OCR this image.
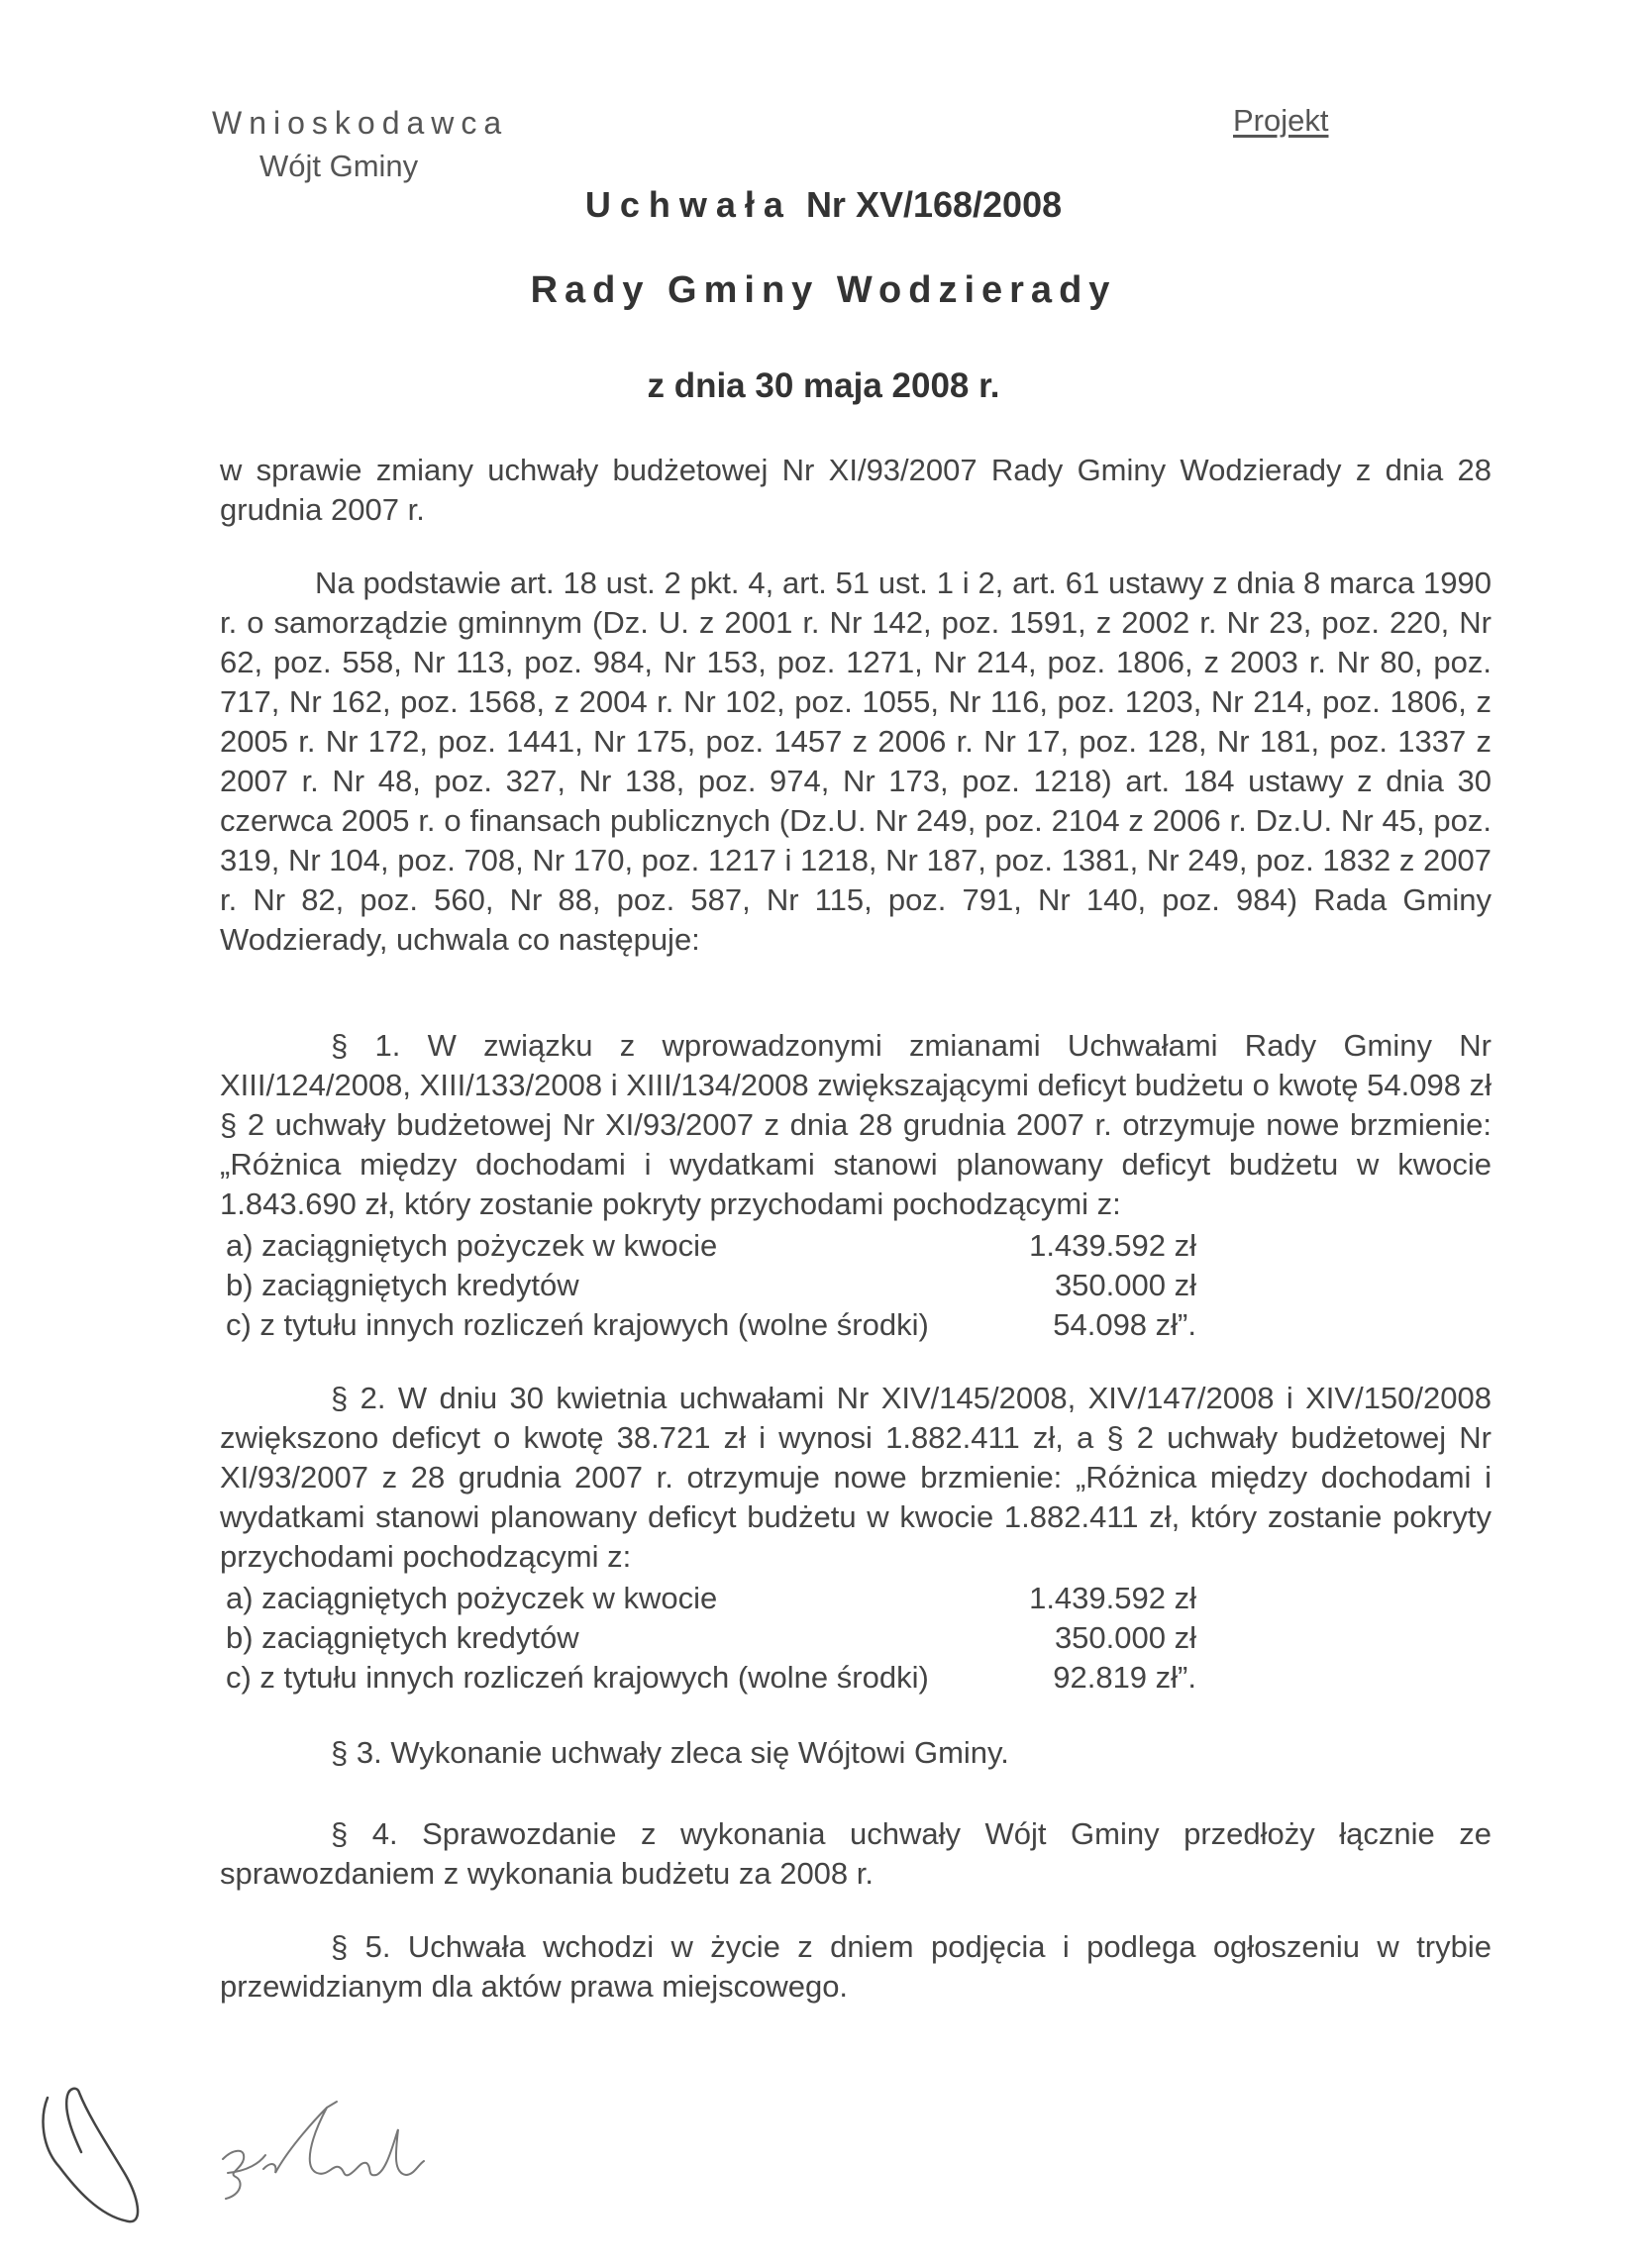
Wnioskodawca
Wójt Gminy
Projekt
Uchwała Nr XV/168/2008
Rady Gminy Wodzierady
z dnia 30 maja 2008 r.
w sprawie zmiany uchwały budżetowej Nr XI/93/2007 Rady Gminy Wodzierady z dnia 28 grudnia 2007 r.
Na podstawie art. 18 ust. 2 pkt. 4, art. 51 ust. 1 i 2, art. 61 ustawy z dnia 8 marca 1990 r. o samorządzie gminnym (Dz. U. z 2001 r. Nr 142, poz. 1591, z 2002 r. Nr 23, poz. 220, Nr 62, poz. 558, Nr 113, poz. 984, Nr 153, poz. 1271, Nr 214, poz. 1806, z 2003 r. Nr 80, poz. 717, Nr 162, poz. 1568, z 2004 r. Nr 102, poz. 1055, Nr 116, poz. 1203, Nr 214, poz. 1806, z 2005 r. Nr 172, poz. 1441, Nr 175, poz. 1457 z 2006 r. Nr 17, poz. 128, Nr 181, poz. 1337 z 2007 r. Nr 48, poz. 327, Nr 138, poz. 974, Nr 173, poz. 1218) art. 184 ustawy z dnia 30 czerwca 2005 r. o finansach publicznych (Dz.U. Nr 249, poz. 2104 z 2006 r. Dz.U. Nr 45, poz. 319, Nr 104, poz. 708, Nr 170, poz. 1217 i 1218, Nr 187, poz. 1381, Nr 249, poz. 1832 z 2007 r. Nr 82, poz. 560, Nr 88, poz. 587, Nr 115, poz. 791, Nr 140, poz. 984) Rada Gminy Wodzierady, uchwala co następuje:
§ 1. W związku z wprowadzonymi zmianami Uchwałami Rady Gminy Nr XIII/124/2008, XIII/133/2008 i XIII/134/2008 zwiększającymi deficyt budżetu o kwotę 54.098 zł § 2 uchwały budżetowej Nr XI/93/2007 z dnia 28 grudnia 2007 r. otrzymuje nowe brzmienie: „Różnica między dochodami i wydatkami stanowi planowany deficyt budżetu w kwocie 1.843.690 zł, który zostanie pokryty przychodami pochodzącymi z:
a) zaciągniętych pożyczek w kwocie	1.439.592 zł
b) zaciągniętych kredytów	350.000 zł
c) z tytułu innych rozliczeń krajowych (wolne środki)	54.098 zł”.
§ 2. W dniu 30 kwietnia uchwałami Nr XIV/145/2008, XIV/147/2008 i XIV/150/2008 zwiększono deficyt o kwotę 38.721 zł i wynosi 1.882.411 zł, a § 2 uchwały budżetowej Nr XI/93/2007 z 28 grudnia 2007 r. otrzymuje nowe brzmienie: „Różnica między dochodami i wydatkami stanowi planowany deficyt budżetu w kwocie 1.882.411 zł, który zostanie pokryty przychodami pochodzącymi z:
a) zaciągniętych pożyczek w kwocie	1.439.592 zł
b) zaciągniętych kredytów	350.000 zł
c) z tytułu innych rozliczeń krajowych (wolne środki)	92.819 zł”.
§ 3. Wykonanie uchwały zleca się Wójtowi Gminy.
§ 4. Sprawozdanie z wykonania uchwały Wójt Gminy przedłoży łącznie ze sprawozdaniem z wykonania budżetu za 2008 r.
§ 5. Uchwała wchodzi w życie z dniem podjęcia i podlega ogłoszeniu w trybie przewidzianym dla aktów prawa miejscowego.
